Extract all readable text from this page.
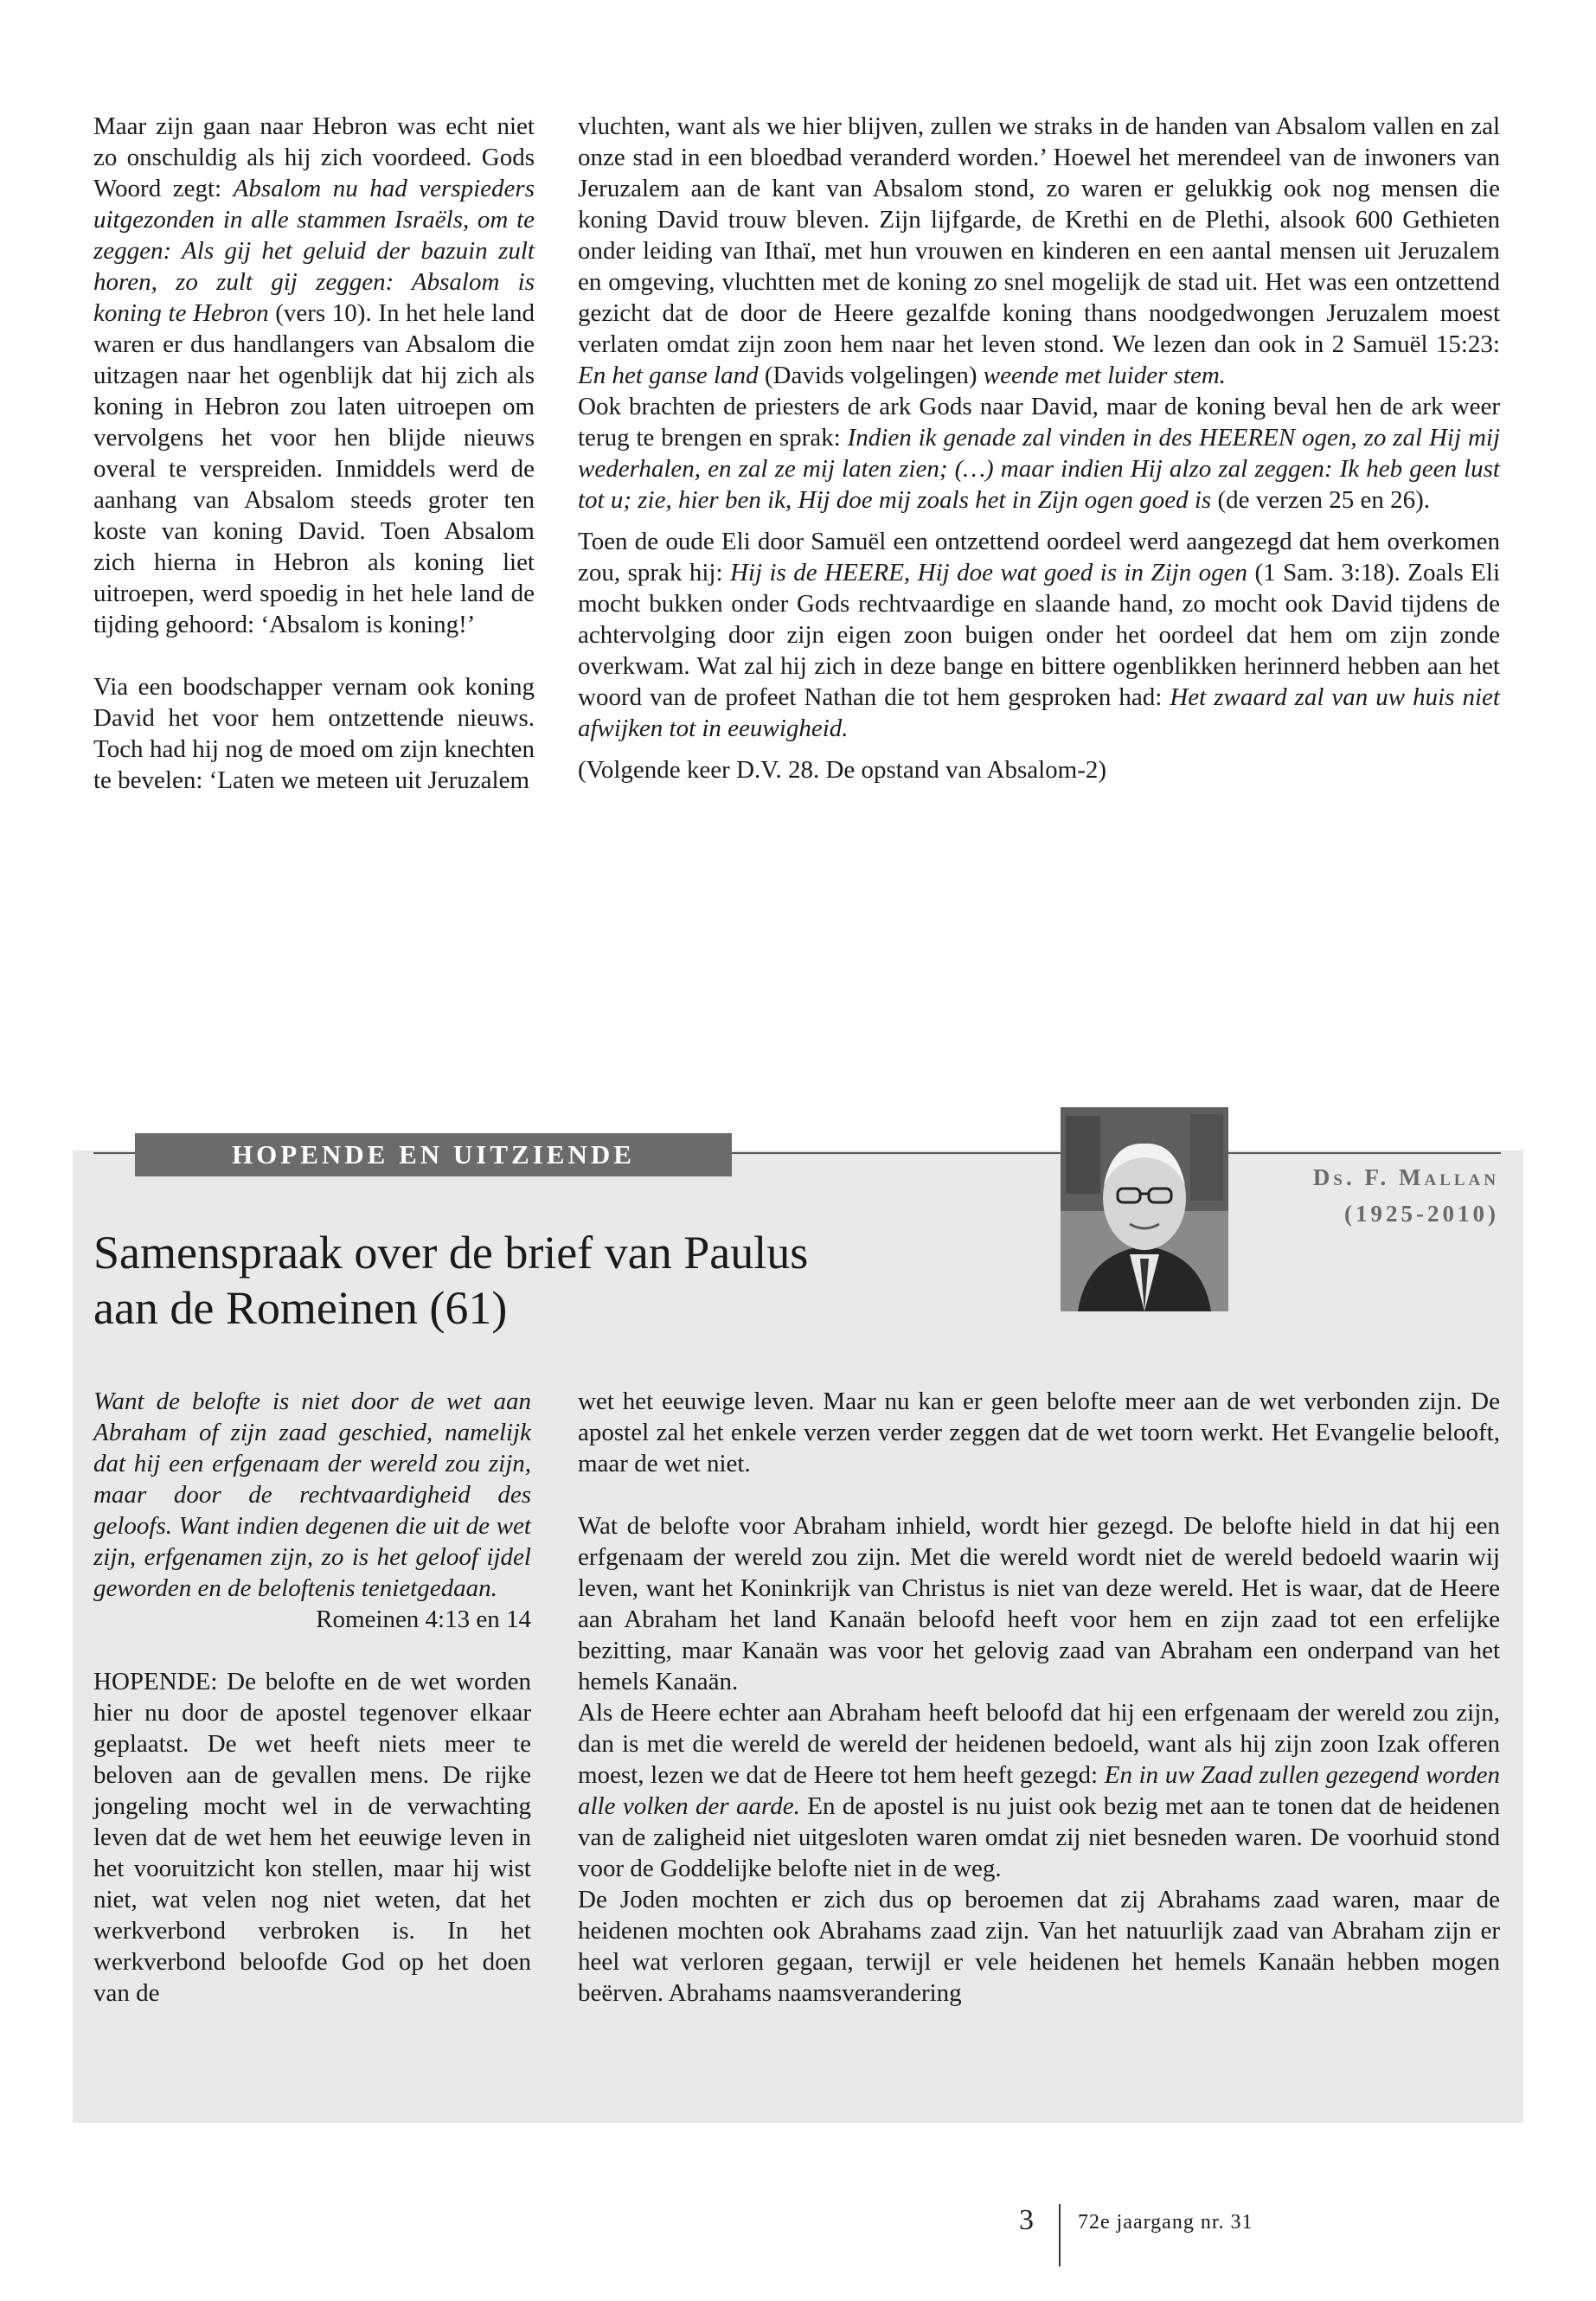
Maar zijn gaan naar Hebron was echt niet zo onschuldig als hij zich voordeed. Gods Woord zegt: Absalom nu had verspieders uitgezonden in alle stammen Israëls, om te zeggen: Als gij het geluid der bazuin zult horen, zo zult gij zeggen: Absalom is koning te Hebron (vers 10). In het hele land waren er dus handlangers van Absalom die uitzagen naar het ogenblijk dat hij zich als koning in Hebron zou laten uitroepen om vervolgens het voor hen blijde nieuws overal te verspreiden. Inmiddels werd de aanhang van Absalom steeds groter ten koste van koning David. Toen Absalom zich hierna in Hebron als koning liet uitroepen, werd spoedig in het hele land de tijding gehoord: ‘Absalom is koning!’

Via een boodschapper vernam ook koning David het voor hem ontzettende nieuws. Toch had hij nog de moed om zijn knechten te bevelen: ‘Laten we meteen uit Jeruzalem

vluchten, want als we hier blijven, zullen we straks in de handen van Absalom vallen en zal onze stad in een bloedbad veranderd worden.’ Hoewel het merendeel van de inwoners van Jeruzalem aan de kant van Absalom stond, zo waren er gelukkig ook nog mensen die koning David trouw bleven. Zijn lijfgarde, de Krethi en de Plethi, alsook 600 Gethieten onder leiding van Ithaï, met hun vrouwen en kinderen en een aantal mensen uit Jeruzalem en omgeving, vluchtten met de koning zo snel mogelijk de stad uit. Het was een ontzettend gezicht dat de door de Heere gezalfde koning thans noodgedwongen Jeruzalem moest verlaten omdat zijn zoon hem naar het leven stond. We lezen dan ook in 2 Samuël 15:23: En het ganse land (Davids volgelingen) weende met luider stem.

Ook brachten de priesters de ark Gods naar David, maar de koning beval hen de ark weer terug te brengen en sprak: Indien ik genade zal vinden in des HEEREN ogen, zo zal Hij mij wederhalen, en zal ze mij laten zien; (…) maar indien Hij alzo zal zeggen: Ik heb geen lust tot u; zie, hier ben ik, Hij doe mij zoals het in Zijn ogen goed is (de verzen 25 en 26).

Toen de oude Eli door Samuël een ontzettend oordeel werd aangezegd dat hem overkomen zou, sprak hij: Hij is de HEERE, Hij doe wat goed is in Zijn ogen (1 Sam. 3:18). Zoals Eli mocht bukken onder Gods rechtvaardige en slaande hand, zo mocht ook David tijdens de achtervolging door zijn eigen zoon buigen onder het oordeel dat hem om zijn zonde overkwam. Wat zal hij zich in deze bange en bittere ogenblikken herinnerd hebben aan het woord van de profeet Nathan die tot hem gesproken had: Het zwaard zal van uw huis niet afwijken tot in eeuwigheid.

(Volgende keer D.V. 28. De opstand van Absalom-2)

HOPENDE EN UITZIENDE
Ds. F. Mallan
(1925-2010)
Samenspraak over de brief van Paulus
aan de Romeinen (61)

Want de belofte is niet door de wet aan Abraham of zijn zaad geschied, namelijk dat hij een erfgenaam der wereld zou zijn, maar door de rechtvaardigheid des geloofs. Want indien degenen die uit de wet zijn, erfgenamen zijn, zo is het geloof ijdel geworden en de beloftenis tenietgedaan.

Romeinen 4:13 en 14

HOPENDE: De belofte en de wet worden hier nu door de apostel tegenover elkaar geplaatst. De wet heeft niets meer te beloven aan de gevallen mens. De rijke jongeling mocht wel in de verwachting leven dat de wet hem het eeuwige leven in het vooruitzicht kon stellen, maar hij wist niet, wat velen nog niet weten, dat het werkverbond verbroken is. In het werkverbond beloofde God op het doen van de

wet het eeuwige leven. Maar nu kan er geen belofte meer aan de wet verbonden zijn. De apostel zal het enkele verzen verder zeggen dat de wet toorn werkt. Het Evangelie belooft, maar de wet niet.

Wat de belofte voor Abraham inhield, wordt hier gezegd. De belofte hield in dat hij een erfgenaam der wereld zou zijn. Met die wereld wordt niet de wereld bedoeld waarin wij leven, want het Koninkrijk van Christus is niet van deze wereld. Het is waar, dat de Heere aan Abraham het land Kanaän beloofd heeft voor hem en zijn zaad tot een erfelijke bezitting, maar Kanaän was voor het gelovig zaad van Abraham een onderpand van het hemels Kanaän.

Als de Heere echter aan Abraham heeft beloofd dat hij een erfgenaam der wereld zou zijn, dan is met die wereld de wereld der heidenen bedoeld, want als hij zijn zoon Izak offeren moest, lezen we dat de Heere tot hem heeft gezegd: En in uw Zaad zullen gezegend worden alle volken der aarde. En de apostel is nu juist ook bezig met aan te tonen dat de heidenen van de zaligheid niet uitgesloten waren omdat zij niet besneden waren. De voorhuid stond voor de Goddelijke belofte niet in de weg.

De Joden mochten er zich dus op beroemen dat zij Abrahams zaad waren, maar de heidenen mochten ook Abrahams zaad zijn. Van het natuurlijk zaad van Abraham zijn er heel wat verloren gegaan, terwijl er vele heidenen het hemels Kanaän hebben mogen beërven. Abrahams naamsverandering

3 72e jaargang nr. 31
